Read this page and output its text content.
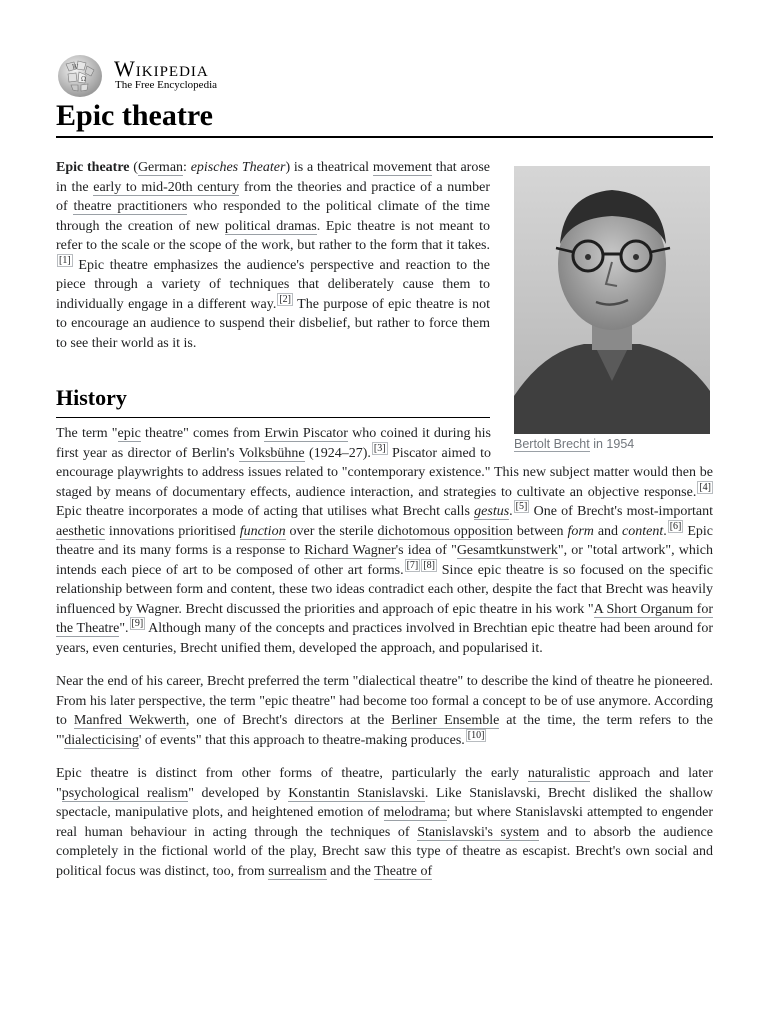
W
Ω Wikipedia
The Free Encyclopedia
Epic theatre
Bertolt Brecht in 1954

Epic theatre (German: episches Theater) is a theatrical movement that arose in the early to mid-20th century from the theories and practice of a number of theatre practitioners who responded to the political climate of the time through the creation of new political dramas. Epic theatre is not meant to refer to the scale or the scope of the work, but rather to the form that it takes.[1] Epic theatre emphasizes the audience's perspective and reaction to the piece through a variety of techniques that deliberately cause them to individually engage in a different way. [2] The purpose of epic theatre is not to encourage an audience to suspend their disbelief, but rather to force them to see their world as it is.

History

The term "epic theatre" comes from Erwin Piscator who coined it during his first year as director of Berlin's Volksbühne (1924–27). [3] Piscator aimed to encourage playwrights to address issues related to "contemporary existence." This new subject matter would then be staged by means of documentary effects, audience interaction, and strategies to cultivate an objective response. [4] Epic theatre incorporates a mode of acting that utilises what Brecht calls gestus. [5] One of Brecht's most-important aesthetic innovations prioritised function over the sterile dichotomous opposition between form and content. [6] Epic theatre and its many forms is a response to Richard Wagner's idea of "Gesamtkunstwerk", or "total artwork", which intends each piece of art to be composed of other art forms. [7] [8] Since epic theatre is so focused on the specific relationship between form and content, these two ideas contradict each other, despite the fact that Brecht was heavily influenced by Wagner. Brecht discussed the priorities and approach of epic theatre in his work "A Short Organum for the Theatre". [9] Although many of the concepts and practices involved in Brechtian epic theatre had been around for years, even centuries, Brecht unified them, developed the approach, and popularised it.

Near the end of his career, Brecht preferred the term "dialectical theatre" to describe the kind of theatre he pioneered. From his later perspective, the term "epic theatre" had become too formal a concept to be of use anymore. According to Manfred Wekwerth, one of Brecht's directors at the Berliner Ensemble at the time, the term refers to the "'dialecticising' of events" that this approach to theatre-making produces. [10]

Epic theatre is distinct from other forms of theatre, particularly the early naturalistic approach and later "psychological realism" developed by Konstantin Stanislavski. Like Stanislavski, Brecht disliked the shallow spectacle, manipulative plots, and heightened emotion of melodrama; but where Stanislavski attempted to engender real human behaviour in acting through the techniques of Stanislavski's system and to absorb the audience completely in the fictional world of the play, Brecht saw this type of theatre as escapist. Brecht's own social and political focus was distinct, too, from surrealism and the Theatre of
